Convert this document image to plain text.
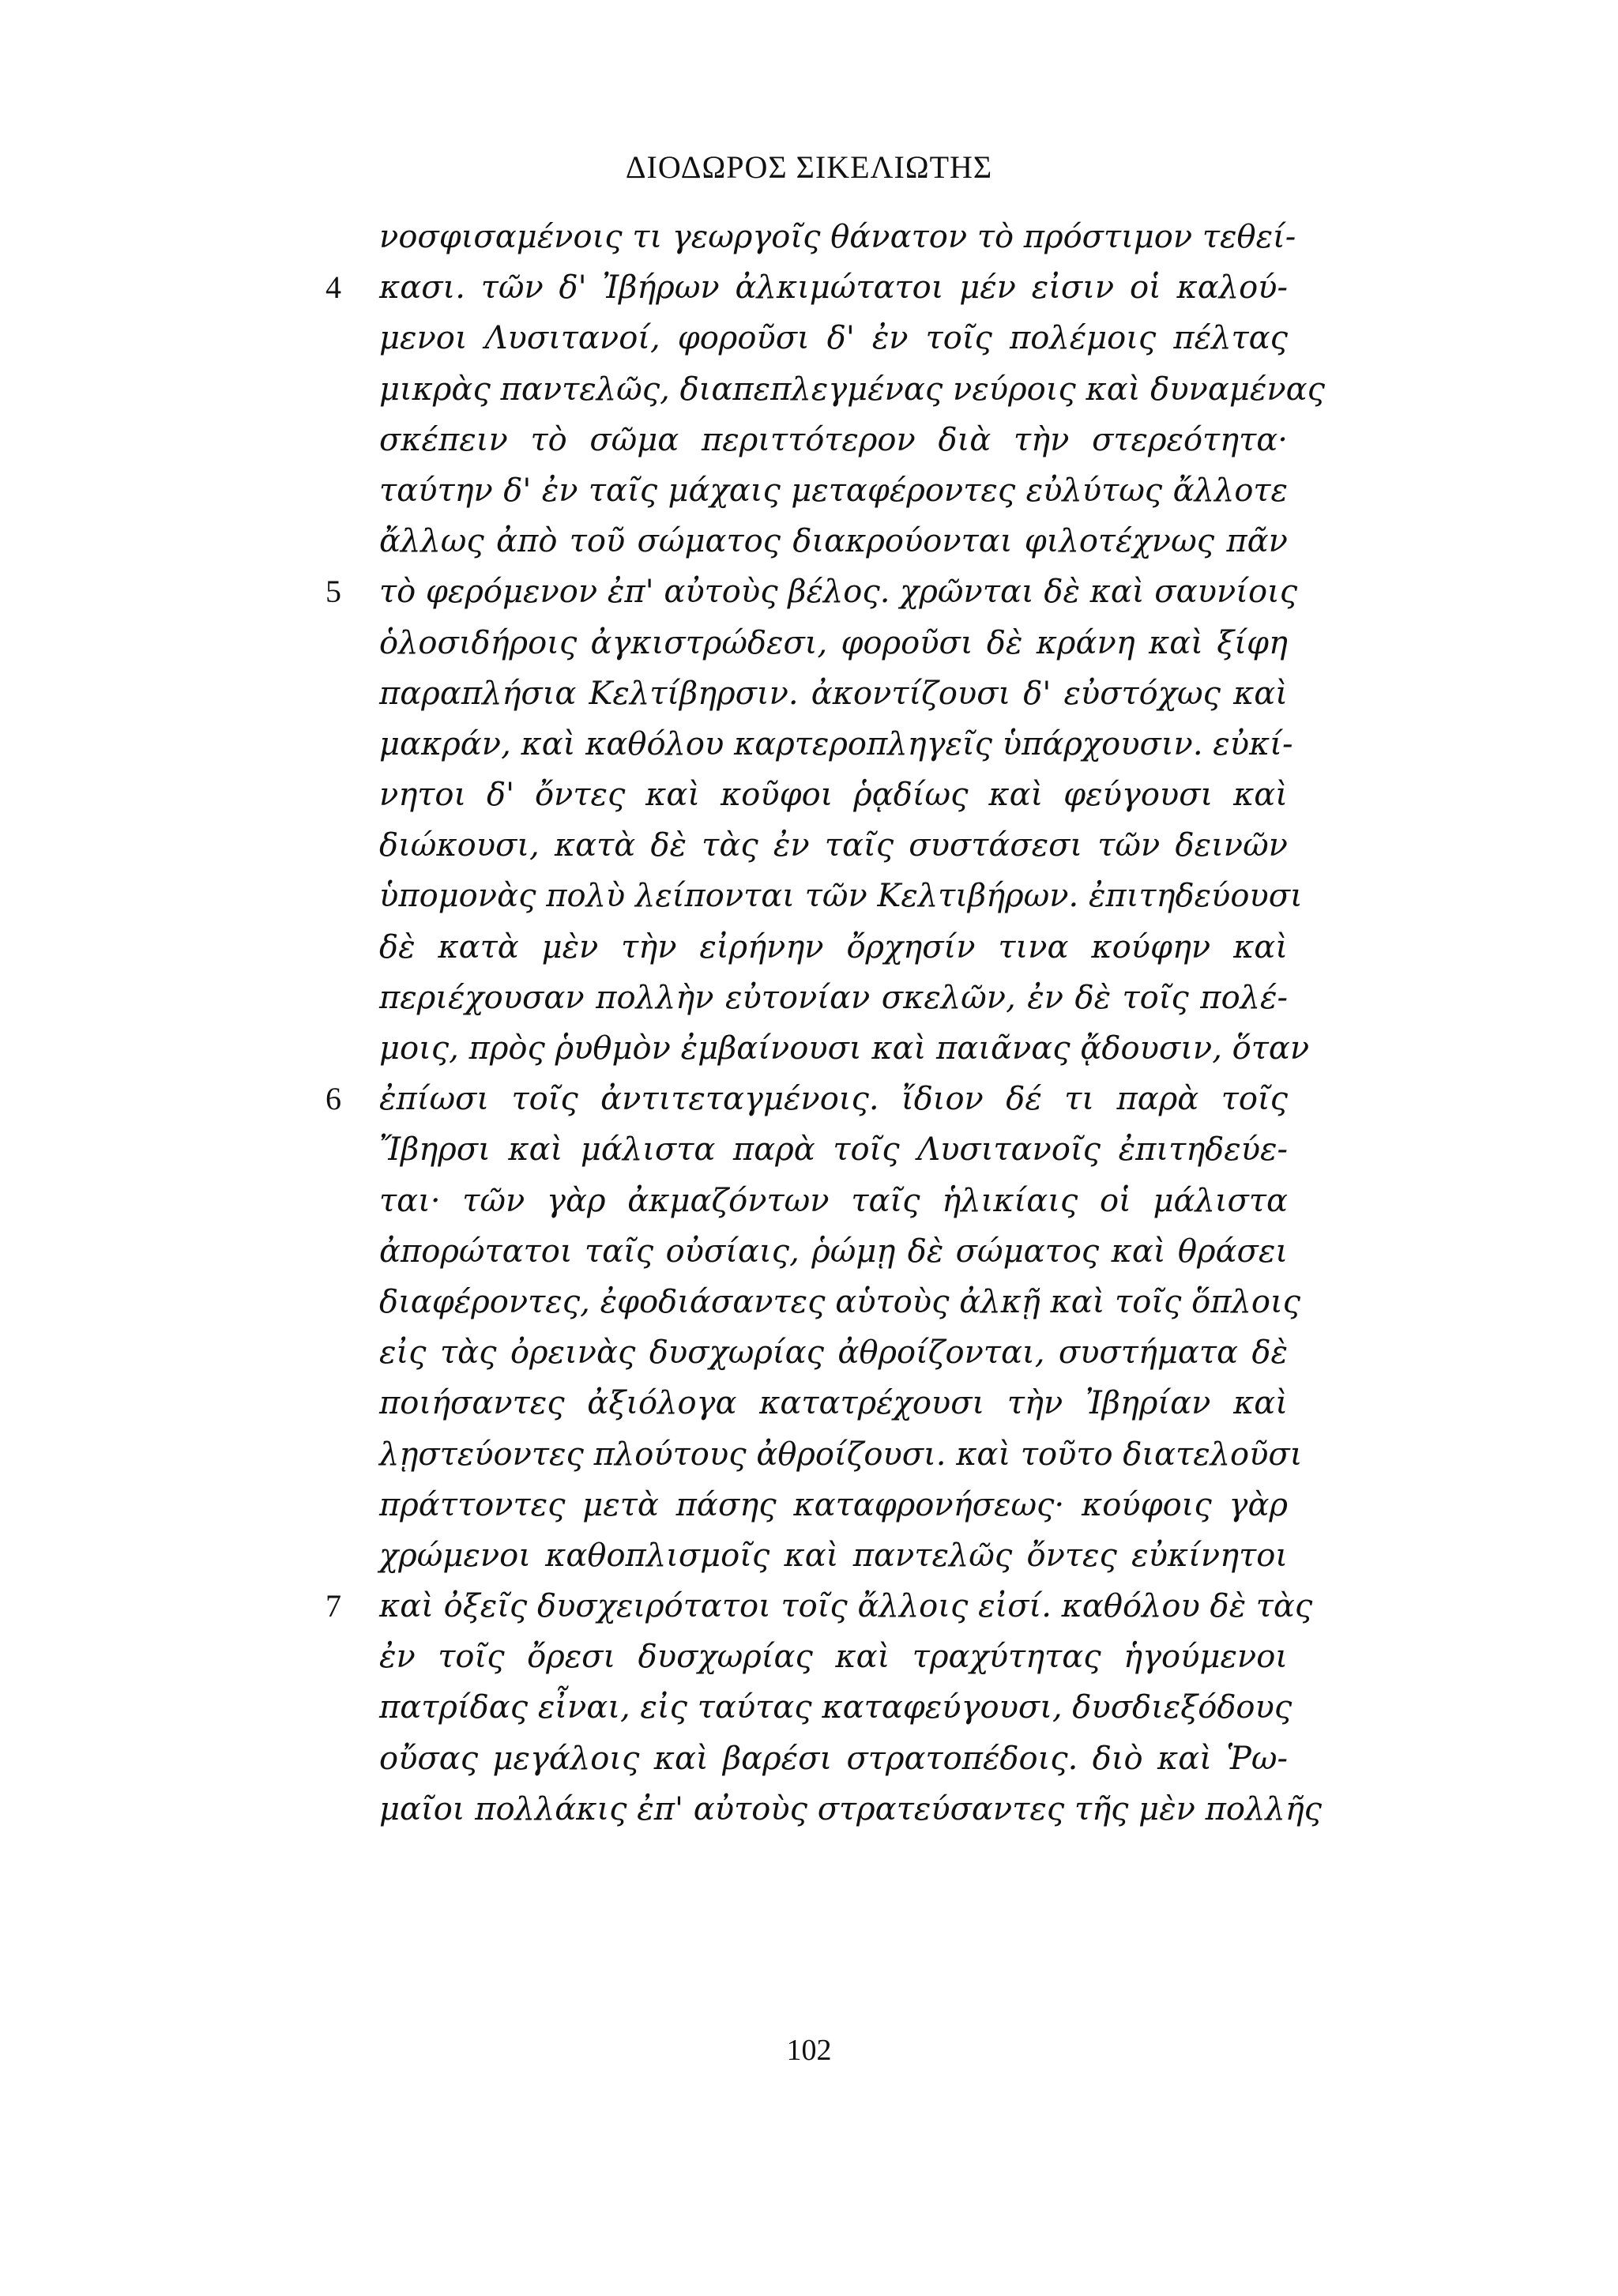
ΔΙΟΔΩΡΟΣ ΣΙΚΕΛΙΩΤΗΣ
νοσφισαμένοις τι γεωργοῖς θάνατον τὸ πρόστιμον τεθεί-
4	κασι. τῶν δ' Ἰβήρων ἀλκιμώτατοι μέν εἰσιν οἱ καλού-
μενοι Λυσιτανοί, φοροῦσι δ' ἐν τοῖς πολέμοις πέλτας
μικρὰς παντελῶς, διαπεπλεγμένας νεύροις καὶ δυναμένας
σκέπειν τὸ σῶμα περιττότερον διὰ τὴν στερεότητα·
ταύτην δ' ἐν ταῖς μάχαις μεταφέροντες εὐλύτως ἄλλοτε
ἄλλως ἀπὸ τοῦ σώματος διακρούονται φιλοτέχνως πᾶν
5	τὸ φερόμενον ἐπ' αὐτοὺς βέλος. χρῶνται δὲ καὶ σαυνίοις
ὁλοσιδήροις ἀγκιστρώδεσι, φοροῦσι δὲ κράνη καὶ ξίφη
παραπλήσια Κελτίβηρσιν. ἀκοντίζουσι δ' εὐστόχως καὶ
μακράν, καὶ καθόλου καρτεροπληγεῖς ὑπάρχουσιν. εὐκί-
νητοι δ' ὄντες καὶ κοῦφοι ῥᾳδίως καὶ φεύγουσι καὶ
διώκουσι, κατὰ δὲ τὰς ἐν ταῖς συστάσεσι τῶν δεινῶν
ὑπομονὰς πολὺ λείπονται τῶν Κελτιβήρων. ἐπιτηδεύουσι
δὲ κατὰ μὲν τὴν εἰρήνην ὄρχησίν τινα κούφην καὶ
περιέχουσαν πολλὴν εὐτονίαν σκελῶν, ἐν δὲ τοῖς πολέ-
μοις, πρὸς ῥυθμὸν ἐμβαίνουσι καὶ παιᾶνας ᾄδουσιν, ὅταν
6	ἐπίωσι τοῖς ἀντιτεταγμένοις. ἴδιον δέ τι παρὰ τοῖς
Ἴβηρσι καὶ μάλιστα παρὰ τοῖς Λυσιτανοῖς ἐπιτηδεύε-
ται· τῶν γὰρ ἀκμαζόντων ταῖς ἡλικίαις οἱ μάλιστα
ἀπορώτατοι ταῖς οὐσίαις, ῥώμῃ δὲ σώματος καὶ θράσει
διαφέροντες, ἐφοδιάσαντες αὑτοὺς ἀλκῇ καὶ τοῖς ὅπλοις
εἰς τὰς ὀρεινὰς δυσχωρίας ἀθροίζονται, συστήματα δὲ
ποιήσαντες ἀξιόλογα κατατρέχουσι τὴν Ἰβηρίαν καὶ
λῃστεύοντες πλούτους ἀθροίζουσι. καὶ τοῦτο διατελοῦσι
πράττοντες μετὰ πάσης καταφρονήσεως· κούφοις γὰρ
χρώμενοι καθοπλισμοῖς καὶ παντελῶς ὄντες εὐκίνητοι
7	καὶ ὀξεῖς δυσχειρότατοι τοῖς ἄλλοις εἰσί. καθόλου δὲ τὰς
ἐν τοῖς ὄρεσι δυσχωρίας καὶ τραχύτητας ἡγούμενοι
πατρίδας εἶναι, εἰς ταύτας καταφεύγουσι, δυσδιεξόδους
οὔσας μεγάλοις καὶ βαρέσι στρατοπέδοις. διὸ καὶ Ῥω-
μαῖοι πολλάκις ἐπ' αὐτοὺς στρατεύσαντες τῆς μὲν πολλῆς
102
